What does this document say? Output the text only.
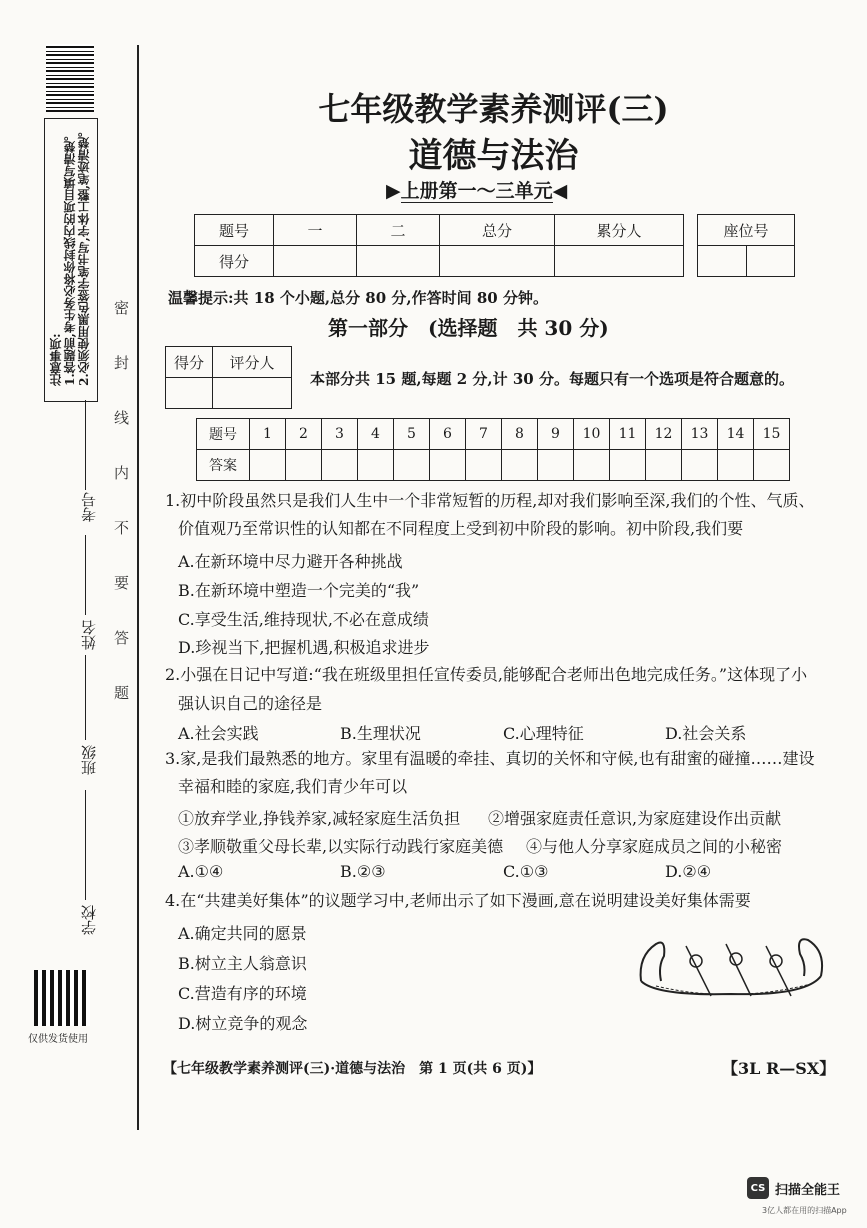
注意事项:
1.答题前,考生务必将你封线内的项目填写清楚。
2.必须使用黑色签字笔书写,字体工整,笔迹清楚。
密封线内不要答题
考号
姓名
班级
学校
仅供发货使用
七年级教学素养测评(三)
道德与法治
▶上册第一～三单元◀
题号	一	二	总分	累分人
得分				
座位号

温馨提示:共 18 个小题,总分 80 分,作答时间 80 分钟。
第一部分　(选择题　共 30 分)
得分	评分人

本部分共 15 题,每题 2 分,计 30 分。每题只有一个选项是符合题意的。
题号	1	2	3	4	5	6	7	8	9	10	11	12	13	14	15
答案															
1.初中阶段虽然只是我们人生中一个非常短暂的历程,却对我们影响至深,我们的个性、气质、
价值观乃至常识性的认知都在不同程度上受到初中阶段的影响。初中阶段,我们要
A.在新环境中尽力避开各种挑战
B.在新环境中塑造一个完美的“我”
C.享受生活,维持现状,不必在意成绩
D.珍视当下,把握机遇,积极追求进步
2.小强在日记中写道:“我在班级里担任宣传委员,能够配合老师出色地完成任务。”这体现了小
强认识自己的途径是
A.社会实践	B.生理状况	C.心理特征	D.社会关系
3.家,是我们最熟悉的地方。家里有温暖的牵挂、真切的关怀和守候,也有甜蜜的碰撞……建设
幸福和睦的家庭,我们青少年可以
①放弃学业,挣钱养家,减轻家庭生活负担 ②增强家庭责任意识,为家庭建设作出贡献
③孝顺敬重父母长辈,以实际行动践行家庭美德 ④与他人分享家庭成员之间的小秘密
A.①④	B.②③	C.①③	D.②④
4.在“共建美好集体”的议题学习中,老师出示了如下漫画,意在说明建设美好集体需要
A.确定共同的愿景
B.树立主人翁意识
C.营造有序的环境
D.树立竞争的观念
【七年级教学素养测评(三)·道德与法治　第 1 页(共 6 页)】	【3L R—SX】
CS 扫描全能王
3亿人都在用的扫描App
